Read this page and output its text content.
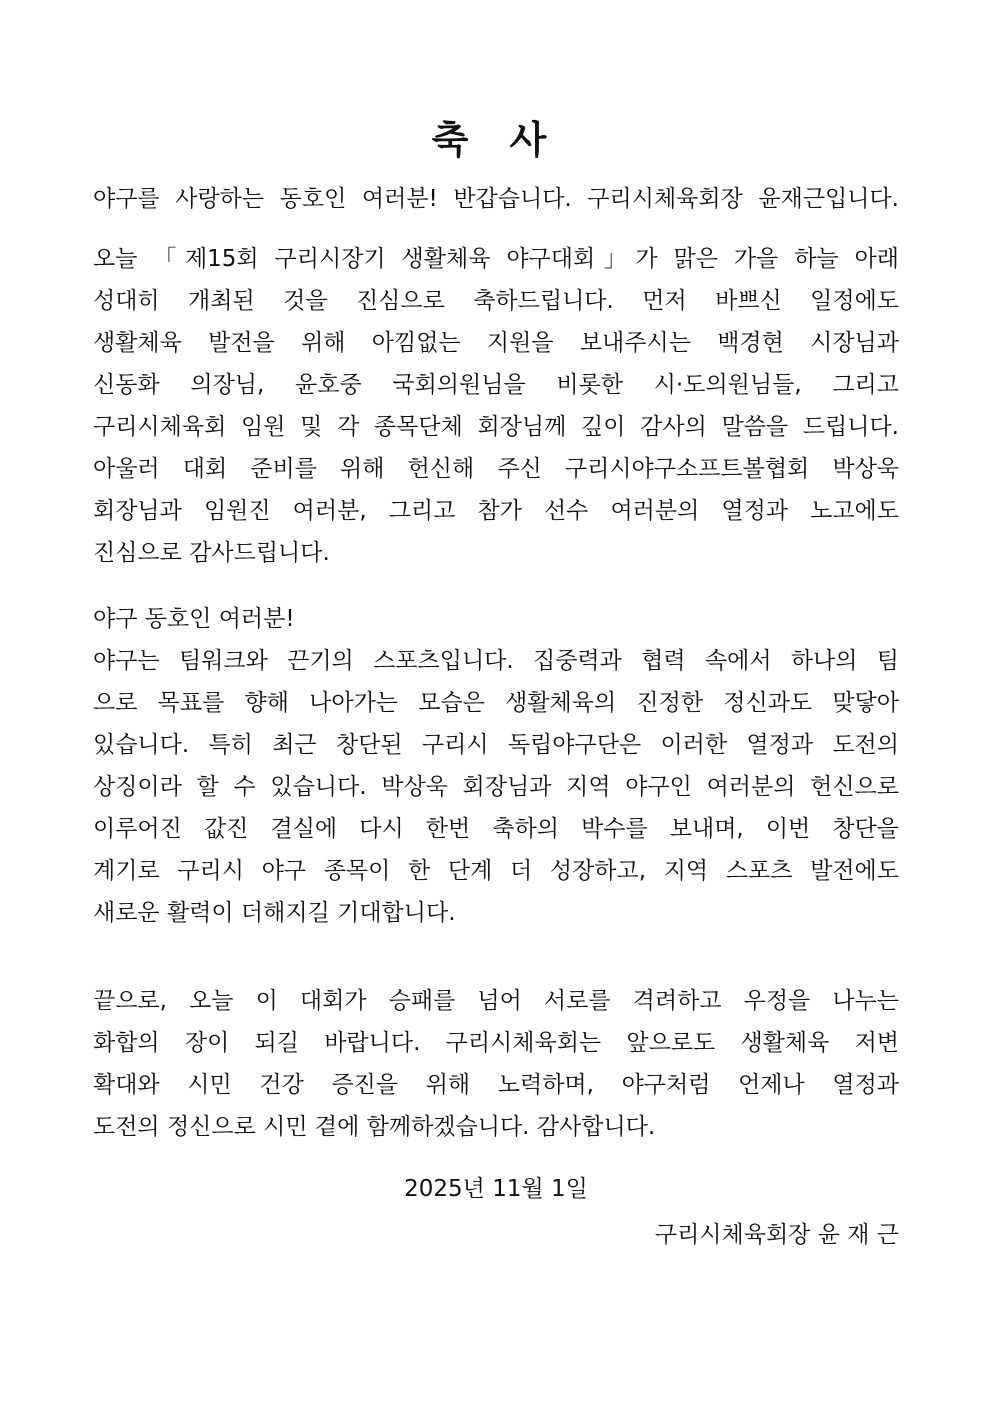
축 사
야구를 사랑하는 동호인 여러분! 반갑습니다. 구리시체육회장 윤재근입니다.
오늘 「제15회 구리시장기 생활체육 야구대회」가 맑은 가을 하늘 아래
성대히 개최된 것을 진심으로 축하드립니다. 먼저 바쁘신 일정에도
생활체육 발전을 위해 아낌없는 지원을 보내주시는 백경현 시장님과
신동화 의장님, 윤호중 국회의원님을 비롯한 시·도의원님들, 그리고
구리시체육회 임원 및 각 종목단체 회장님께 깊이 감사의 말씀을 드립니다.
아울러 대회 준비를 위해 헌신해 주신 구리시야구소프트볼협회 박상욱
회장님과 임원진 여러분, 그리고 참가 선수 여러분의 열정과 노고에도
진심으로 감사드립니다.
야구 동호인 여러분!
야구는 팀워크와 끈기의 스포츠입니다. 집중력과 협력 속에서 하나의 팀
으로 목표를 향해 나아가는 모습은 생활체육의 진정한 정신과도 맞닿아
있습니다. 특히 최근 창단된 구리시 독립야구단은 이러한 열정과 도전의
상징이라 할 수 있습니다. 박상욱 회장님과 지역 야구인 여러분의 헌신으로
이루어진 값진 결실에 다시 한번 축하의 박수를 보내며, 이번 창단을
계기로 구리시 야구 종목이 한 단계 더 성장하고, 지역 스포츠 발전에도
새로운 활력이 더해지길 기대합니다.
끝으로, 오늘 이 대회가 승패를 넘어 서로를 격려하고 우정을 나누는
화합의 장이 되길 바랍니다. 구리시체육회는 앞으로도 생활체육 저변
확대와 시민 건강 증진을 위해 노력하며, 야구처럼 언제나 열정과
도전의 정신으로 시민 곁에 함께하겠습니다. 감사합니다.
2025년 11월 1일
구리시체육회장 윤 재 근
